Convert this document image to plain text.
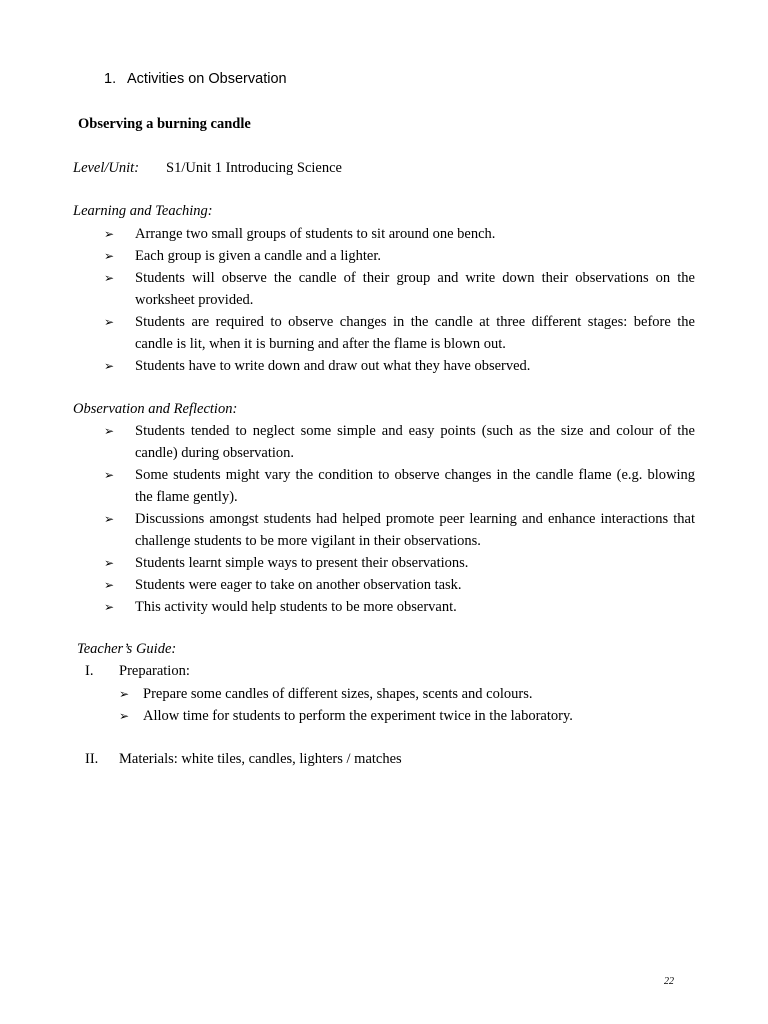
1. Activities on Observation
Observing a burning candle
Level/Unit: S1/Unit 1 Introducing Science
Learning and Teaching:
➢ Arrange two small groups of students to sit around one bench.
➢ Each group is given a candle and a lighter.
➢ Students will observe the candle of their group and write down their observations on the worksheet provided.
➢ Students are required to observe changes in the candle at three different stages: before the candle is lit, when it is burning and after the flame is blown out.
➢ Students have to write down and draw out what they have observed.
Observation and Reflection:
➢ Students tended to neglect some simple and easy points (such as the size and colour of the candle) during observation.
➢ Some students might vary the condition to observe changes in the candle flame (e.g. blowing the flame gently).
➢ Discussions amongst students had helped promote peer learning and enhance interactions that challenge students to be more vigilant in their observations.
➢ Students learnt simple ways to present their observations.
➢ Students were eager to take on another observation task.
➢ This activity would help students to be more observant.
Teacher’s Guide:
I. Preparation:
➢ Prepare some candles of different sizes, shapes, scents and colours.
➢ Allow time for students to perform the experiment twice in the laboratory.
II. Materials: white tiles, candles, lighters / matches
22
